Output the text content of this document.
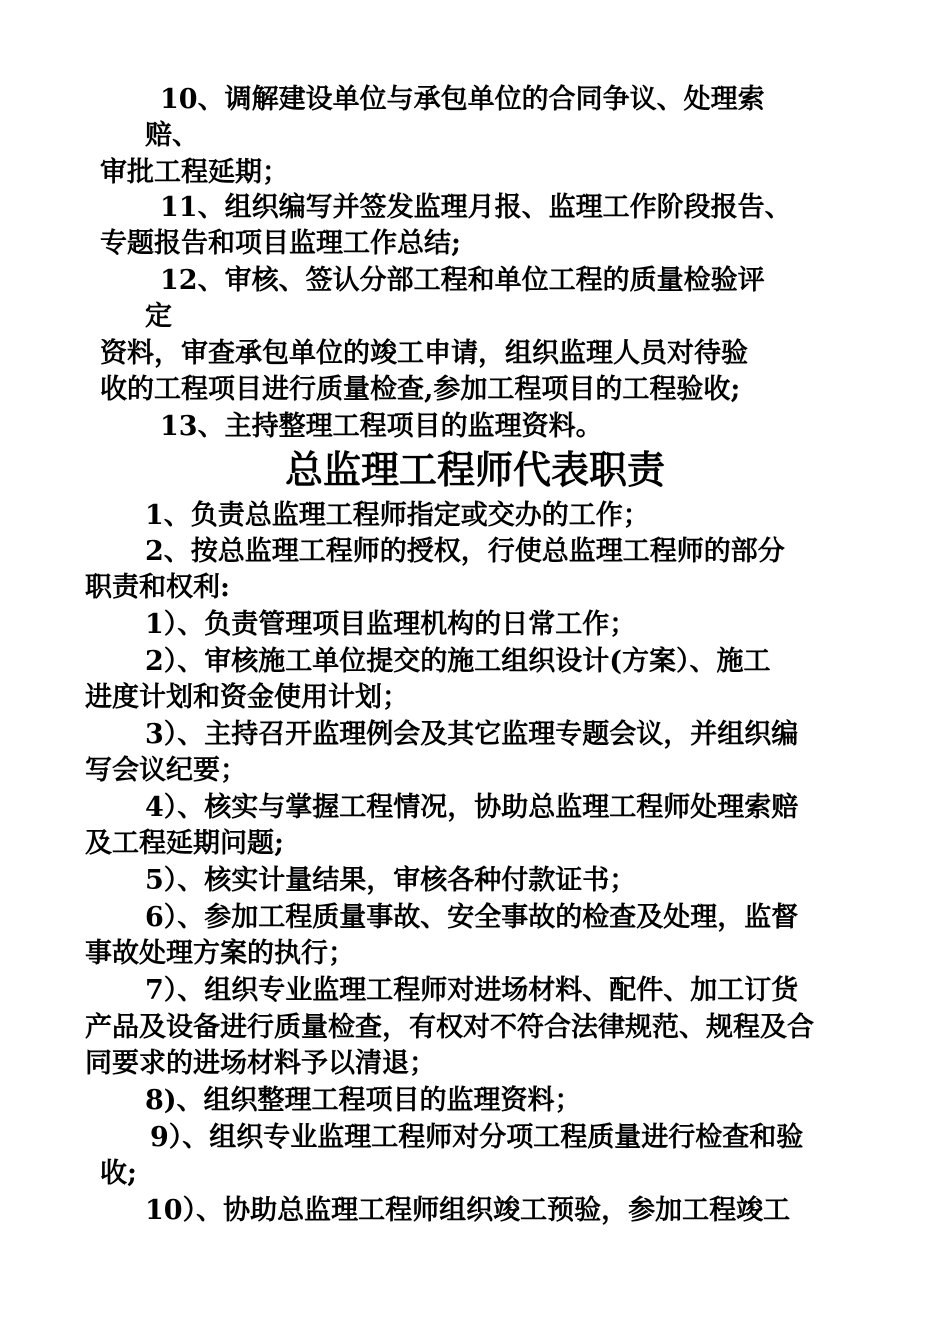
10、调解建设单位与承包单位的合同争议、处理索
赔、
审批工程延期；
11、组织编写并签发监理月报、监理工作阶段报告、
专题报告和项目监理工作总结;
12、审核、签认分部工程和单位工程的质量检验评
定
资料，审查承包单位的竣工申请，组织监理人员对待验
收的工程项目进行质量检查,参加工程项目的工程验收;
13、主持整理工程项目的监理资料。
总监理工程师代表职责
1、负责总监理工程师指定或交办的工作；
2、按总监理工程师的授权，行使总监理工程师的部分
职责和权利:
1）、负责管理项目监理机构的日常工作；
2）、审核施工单位提交的施工组织设计(方案）、施工
进度计划和资金使用计划；
3）、主持召开监理例会及其它监理专题会议，并组织编
写会议纪要；
4）、核实与掌握工程情况，协助总监理工程师处理索赔
及工程延期问题;
5）、核实计量结果，审核各种付款证书；
6）、参加工程质量事故、安全事故的检查及处理，监督
事故处理方案的执行；
7）、组织专业监理工程师对进场材料、配件、加工订货
产品及设备进行质量检查，有权对不符合法律规范、规程及合
同要求的进场材料予以清退；
8)、组织整理工程项目的监理资料；
9）、组织专业监理工程师对分项工程质量进行检查和验
收;
10）、协助总监理工程师组织竣工预验，参加工程竣工
